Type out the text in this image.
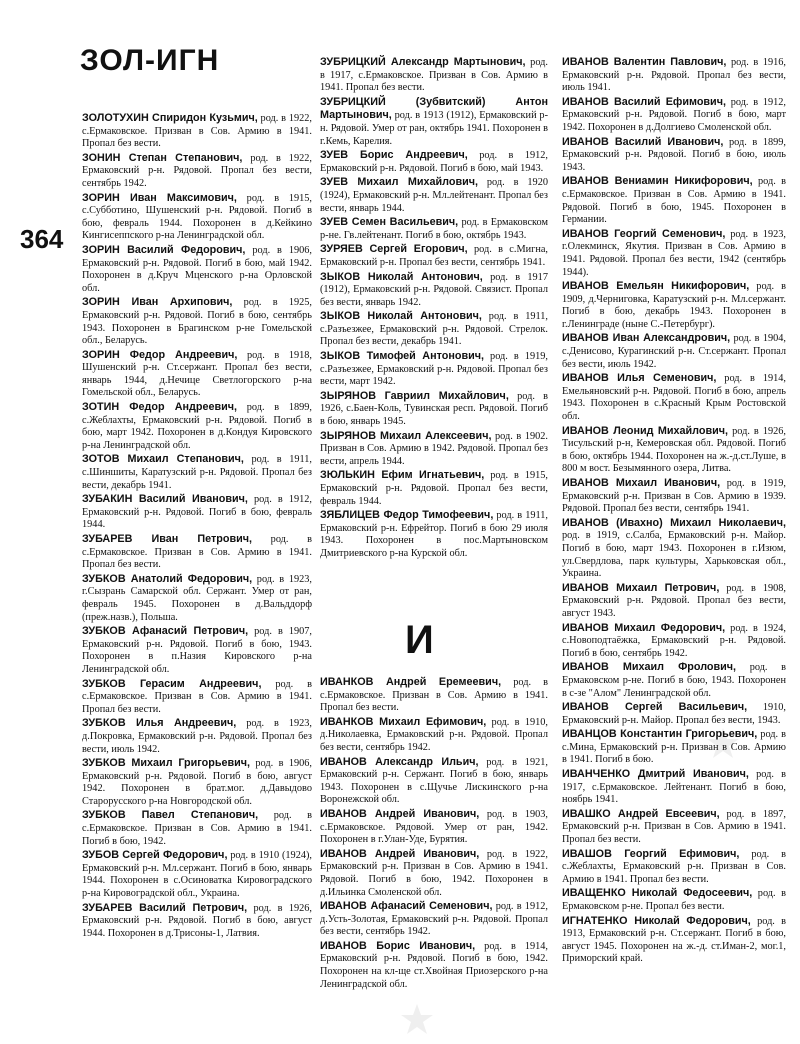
ЗОЛ-ИГН
364
ЗОЛОТУХИН Спиридон Кузьмич, род. в 1922, с.Ермаковское. Призван в Сов. Армию в 1941. Пропал без вести.
ЗОНИН Степан Степанович, род. в 1922, Ермаковский р-н. Рядовой. Пропал без вести, сентябрь 1942.
ЗОРИН Иван Максимович, род. в 1915, с.Субботино, Шушенский р-н. Рядовой. Погиб в бою, февраль 1944. Похоронен в д.Кейкино Кингисеппского р-на Ленинградской обл.
ЗОРИН Василий Федорович, род. в 1906, Ермаковский р-н. Рядовой. Погиб в бою, май 1942. Похоронен в д.Круч Мценского р-на Орловской обл.
ЗОРИН Иван Архипович, род. в 1925, Ермаковский р-н. Рядовой. Погиб в бою, сентябрь 1943. Похоронен в Брагинском р-не Гомельской обл., Беларусь.
ЗОРИН Федор Андреевич, род. в 1918, Шушенский р-н. Ст.сержант. Пропал без вести, январь 1944, д.Нечице Светлогорского р-на Гомельской обл., Беларусь.
ЗОТИН Федор Андреевич, род. в 1899, с.Жеблахты, Ермаковский р-н. Рядовой. Погиб в бою, март 1942. Похоронен в д.Кондуя Кировского р-на Ленинградской обл.
ЗОТОВ Михаил Степанович, род. в 1911, с.Шиншиты, Каратузский р-н. Рядовой. Пропал без вести, декабрь 1941.
ЗУБАКИН Василий Иванович, род. в 1912, Ермаковский р-н. Рядовой. Погиб в бою, февраль 1944.
ЗУБАРЕВ Иван Петрович, род. в с.Ермаковское. Призван в Сов. Армию в 1941. Пропал без вести.
ЗУБКОВ Анатолий Федорович, род. в 1923, г.Сызрань Самарской обл. Сержант. Умер от ран, февраль 1945. Похоронен в д.Вальддорф (преж.назв.), Польша.
ЗУБКОВ Афанасий Петрович, род. в 1907, Ермаковский р-н. Рядовой. Погиб в бою, 1943. Похоронен в п.Назия Кировского р-на Ленинградской обл.
ЗУБКОВ Герасим Андреевич, род. в с.Ермаковское. Призван в Сов. Армию в 1941. Пропал без вести.
ЗУБКОВ Илья Андреевич, род. в 1923, д.Покровка, Ермаковский р-н. Рядовой. Пропал без вести, июль 1942.
ЗУБКОВ Михаил Григорьевич, род. в 1906, Ермаковский р-н. Рядовой. Погиб в бою, август 1942. Похоронен в брат.мог. д.Давыдово Старорусского р-на Новгородской обл.
ЗУБКОВ Павел Степанович, род. в с.Ермаковское. Призван в Сов. Армию в 1941. Погиб в бою, 1942.
ЗУБОВ Сергей Федорович, род. в 1910 (1924), Ермаковский р-н. Мл.сержант. Погиб в бою, январь 1944. Похоронен в с.Осиноватка Кировоградского р-на Кировоградской обл., Украина.
ЗУБАРЕВ Василий Петрович, род. в 1926, Ермаковский р-н. Рядовой. Погиб в бою, август 1944. Похоронен в д.Трисоны-1, Латвия.
ЗУБРИЦКИЙ Александр Мартынович, род. в 1917, с.Ермаковское. Призван в Сов. Армию в 1941. Пропал без вести.
ЗУБРИЦКИЙ (Зубвитский) Антон Мартынович, род. в 1913 (1912), Ермаковский р-н. Рядовой. Умер от ран, октябрь 1941. Похоронен в г.Кемь, Карелия.
ЗУЕВ Борис Андреевич, род. в 1912, Ермаковский р-н. Рядовой. Погиб в бою, май 1943.
ЗУЕВ Михаил Михайлович, род. в 1920 (1924), Ермаковский р-н. Мл.лейтенант. Пропал без вести, январь 1944.
ЗУЕВ Семен Васильевич, род. в Ермаковском р-не. Гв.лейтенант. Погиб в бою, октябрь 1943.
ЗУРЯЕВ Сергей Егорович, род. в с.Мигна, Ермаковский р-н. Пропал без вести, сентябрь 1941.
ЗЫКОВ Николай Антонович, род. в 1917 (1912), Ермаковский р-н. Рядовой. Связист. Пропал без вести, январь 1942.
ЗЫКОВ Николай Антонович, род. в 1911, с.Разъезжее, Ермаковский р-н. Рядовой. Стрелок. Пропал без вести, декабрь 1941.
ЗЫКОВ Тимофей Антонович, род. в 1919, с.Разъезжее, Ермаковский р-н. Рядовой. Пропал без вести, март 1942.
ЗЫРЯНОВ Гавриил Михайлович, род. в 1926, с.Баен-Коль, Тувинская респ. Рядовой. Погиб в бою, январь 1945.
ЗЫРЯНОВ Михаил Алексеевич, род. в 1902. Призван в Сов. Армию в 1942. Рядовой. Пропал без вести, апрель 1944.
ЗЮЛЬКИН Ефим Игнатьевич, род. в 1915, Ермаковский р-н. Рядовой. Пропал без вести, февраль 1944.
ЗЯБЛИЦЕВ Федор Тимофеевич, род. в 1911, Ермаковский р-н. Ефрейтор. Погиб в бою 29 июля 1943. Похоронен в пос.Мартыновском Дмитриевского р-на Курской обл.
И
ИВАНКОВ Андрей Еремеевич, род. в с.Ермаковское. Призван в Сов. Армию в 1941. Пропал без вести.
ИВАНКОВ Михаил Ефимович, род. в 1910, д.Николаевка, Ермаковский р-н. Рядовой. Пропал без вести, сентябрь 1942.
ИВАНОВ Александр Ильич, род. в 1921, Ермаковский р-н. Сержант. Погиб в бою, январь 1943. Похоронен в с.Щучье Лискинского р-на Воронежской обл.
ИВАНОВ Андрей Иванович, род. в 1903, с.Ермаковское. Рядовой. Умер от ран, 1942. Похоронен в г.Улан-Уде, Бурятия.
ИВАНОВ Андрей Иванович, род. в 1922, Ермаковский р-н. Призван в Сов. Армию в 1941. Рядовой. Погиб в бою, 1942. Похоронен в д.Ильинка Смоленской обл.
ИВАНОВ Афанасий Семенович, род. в 1912, д.Усть-Золотая, Ермаковский р-н. Рядовой. Пропал без вести, сентябрь 1942.
ИВАНОВ Борис Иванович, род. в 1914, Ермаковский р-н. Рядовой. Погиб в бою, 1942. Похоронен на кл-ще ст.Хвойная Приозерского р-на Ленинградской обл.
ИВАНОВ Валентин Павлович, род. в 1916, Ермаковский р-н. Рядовой. Пропал без вести, июль 1941.
ИВАНОВ Василий Ефимович, род. в 1912, Ермаковский р-н. Рядовой. Погиб в бою, март 1942. Похоронен в д.Долгиево Смоленской обл.
ИВАНОВ Василий Иванович, род. в 1899, Ермаковский р-н. Рядовой. Погиб в бою, июль 1943.
ИВАНОВ Вениамин Никифорович, род. в с.Ермаковское. Призван в Сов. Армию в 1941. Рядовой. Погиб в бою, 1945. Похоронен в Германии.
ИВАНОВ Георгий Семенович, род. в 1923, г.Олекминск, Якутия. Призван в Сов. Армию в 1941. Рядовой. Пропал без вести, 1942 (сентябрь 1944).
ИВАНОВ Емельян Никифорович, род. в 1909, д.Черниговка, Каратузский р-н. Мл.сержант. Погиб в бою, декабрь 1943. Похоронен в г.Ленинграде (ныне С.-Петербург).
ИВАНОВ Иван Александрович, род. в 1904, с.Денисово, Курагинский р-н. Ст.сержант. Пропал без вести, июль 1942.
ИВАНОВ Илья Семенович, род. в 1914, Емельяновский р-н. Рядовой. Погиб в бою, апрель 1943. Похоронен в с.Красный Крым Ростовской обл.
ИВАНОВ Леонид Михайлович, род. в 1926, Тисульский р-н, Кемеровская обл. Рядовой. Погиб в бою, октябрь 1944. Похоронен на ж.-д.ст.Луше, в 800 м вост. Безымянного озера, Литва.
ИВАНОВ Михаил Иванович, род. в 1919, Ермаковский р-н. Призван в Сов. Армию в 1939. Рядовой. Пропал без вести, сентябрь 1941.
ИВАНОВ (Ивахно) Михаил Николаевич, род. в 1919, с.Салба, Ермаковский р-н. Майор. Погиб в бою, март 1943. Похоронен в г.Изюм, ул.Свердлова, парк культуры, Харьковская обл., Украина.
ИВАНОВ Михаил Петрович, род. в 1908, Ермаковский р-н. Рядовой. Пропал без вести, август 1943.
ИВАНОВ Михаил Федорович, род. в 1924, с.Новоподтаёжка, Ермаковский р-н. Рядовой. Погиб в бою, сентябрь 1942.
ИВАНОВ Михаил Фролович, род. в Ермаковском р-не. Погиб в бою, 1943. Похоронен в с-зе "Алом" Ленинградской обл.
ИВАНОВ Сергей Васильевич, 1910, Ермаковский р-н. Майор. Пропал без вести, 1943.
ИВАНЦОВ Константин Григорьевич, род. в с.Мина, Ермаковский р-н. Призван в Сов. Армию в 1941. Погиб в бою.
ИВАНЧЕНКО Дмитрий Иванович, род. в 1917, с.Ермаковское. Лейтенант. Погиб в бою, ноябрь 1941.
ИВАШКО Андрей Евсеевич, род. в 1897, Ермаковский р-н. Призван в Сов. Армию в 1941. Пропал без вести.
ИВАШОВ Георгий Ефимович, род. в с.Жеблахты, Ермаковский р-н. Призван в Сов. Армию в 1941. Пропал без вести.
ИВАЩЕНКО Николай Федосеевич, род. в Ермаковском р-не. Пропал без вести.
ИГНАТЕНКО Николай Федорович, род. в 1913, Ермаковский р-н. Ст.сержант. Погиб в бою, август 1945. Похоронен на ж.-д. ст.Иман-2, мог.1, Приморский край.
